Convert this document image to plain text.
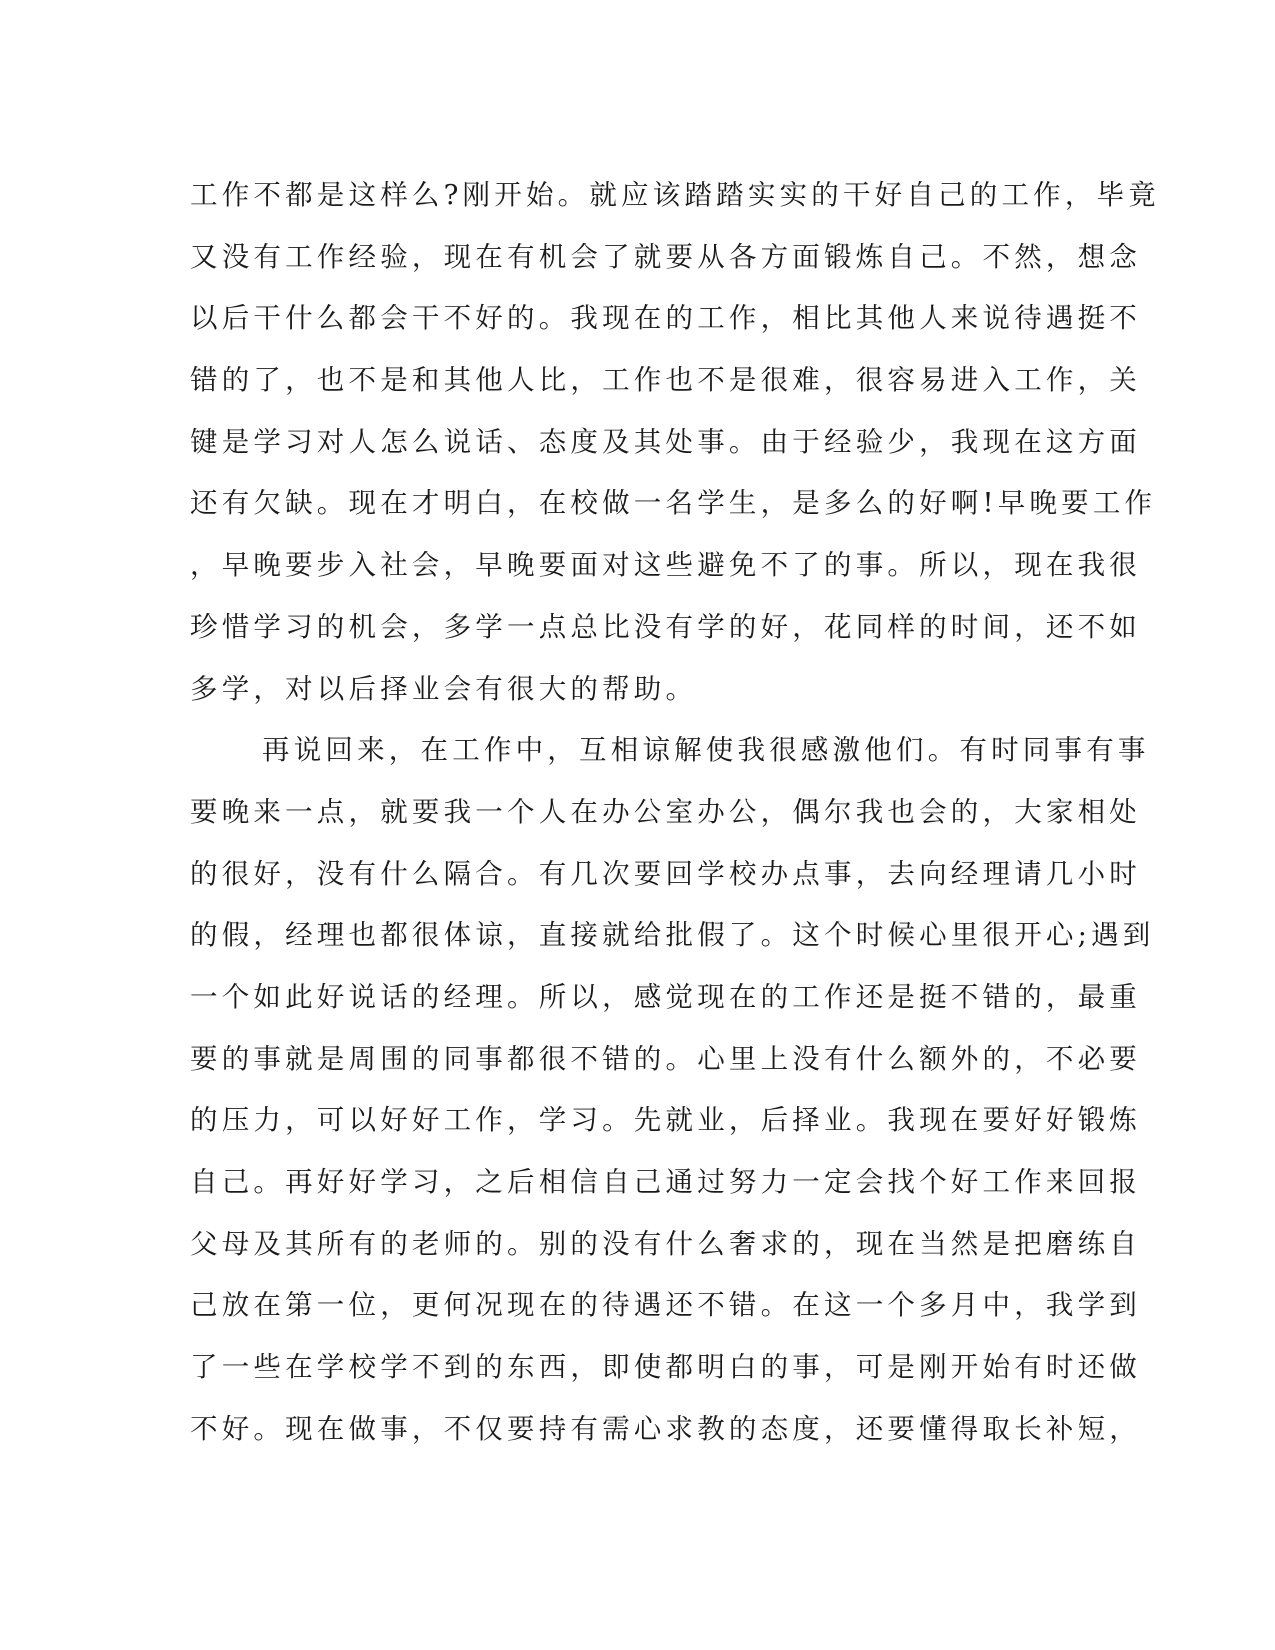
工作不都是这样么?刚开始。就应该踏踏实实的干好自己的工作，毕竟
又没有工作经验，现在有机会了就要从各方面锻炼自己。不然，想念
以后干什么都会干不好的。我现在的工作，相比其他人来说待遇挺不
错的了，也不是和其他人比，工作也不是很难，很容易进入工作，关
键是学习对人怎么说话、态度及其处事。由于经验少，我现在这方面
还有欠缺。现在才明白，在校做一名学生，是多么的好啊!早晚要工作
，早晚要步入社会，早晚要面对这些避免不了的事。所以，现在我很
珍惜学习的机会，多学一点总比没有学的好，花同样的时间，还不如
多学，对以后择业会有很大的帮助。
再说回来，在工作中，互相谅解使我很感激他们。有时同事有事
要晚来一点，就要我一个人在办公室办公，偶尔我也会的，大家相处
的很好，没有什么隔合。有几次要回学校办点事，去向经理请几小时
的假，经理也都很体谅，直接就给批假了。这个时候心里很开心;遇到
一个如此好说话的经理。所以，感觉现在的工作还是挺不错的，最重
要的事就是周围的同事都很不错的。心里上没有什么额外的，不必要
的压力，可以好好工作，学习。先就业，后择业。我现在要好好锻炼
自己。再好好学习，之后相信自己通过努力一定会找个好工作来回报
父母及其所有的老师的。别的没有什么奢求的，现在当然是把磨练自
己放在第一位，更何况现在的待遇还不错。在这一个多月中，我学到
了一些在学校学不到的东西，即使都明白的事，可是刚开始有时还做
不好。现在做事，不仅要持有需心求教的态度，还要懂得取长补短，
